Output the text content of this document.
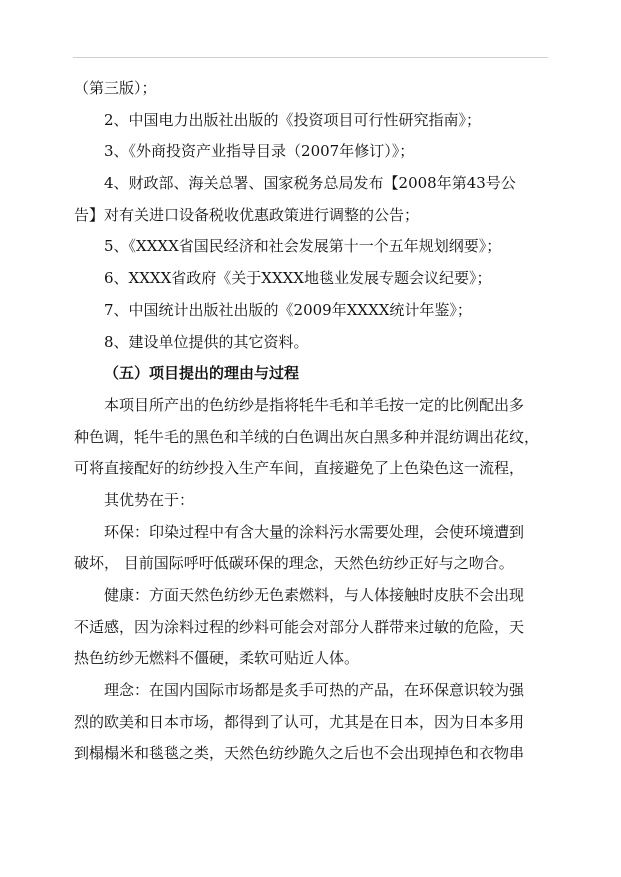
（第三版）；
2、中国电力出版社出版的《投资项目可行性研究指南》；
3、《外商投资产业指导目录（2007年修订）》；
4、财政部、海关总署、国家税务总局发布【2008年第43号公
告】对有关进口设备税收优惠政策进行调整的公告；
5、《XXXX省国民经济和社会发展第十一个五年规划纲要》；
6、XXXX省政府《关于XXXX地毯业发展专题会议纪要》；
7、中国统计出版社出版的《2009年XXXX统计年鉴》；
8、建设单位提供的其它资料。
（五）项目提出的理由与过程
本项目所产出的色纺纱是指将牦牛毛和羊毛按一定的比例配出多
种色调，牦牛毛的黑色和羊绒的白色调出灰白黑多种并混纺调出花纹，
可将直接配好的纺纱投入生产车间，直接避免了上色染色这一流程，
其优势在于：
环保：印染过程中有含大量的涂料污水需要处理，会使环境遭到
破坏， 目前国际呼吁低碳环保的理念，天然色纺纱正好与之吻合。
健康：方面天然色纺纱无色素燃料，与人体接触时皮肤不会出现
不适感，因为涂料过程的纱料可能会对部分人群带来过敏的危险，天
热色纺纱无燃料不僵硬，柔软可贴近人体。
理念：在国内国际市场都是炙手可热的产品，在环保意识较为强
烈的欧美和日本市场，都得到了认可，尤其是在日本，因为日本多用
到榻榻米和毯毯之类，天然色纺纱跪久之后也不会出现掉色和衣物串
